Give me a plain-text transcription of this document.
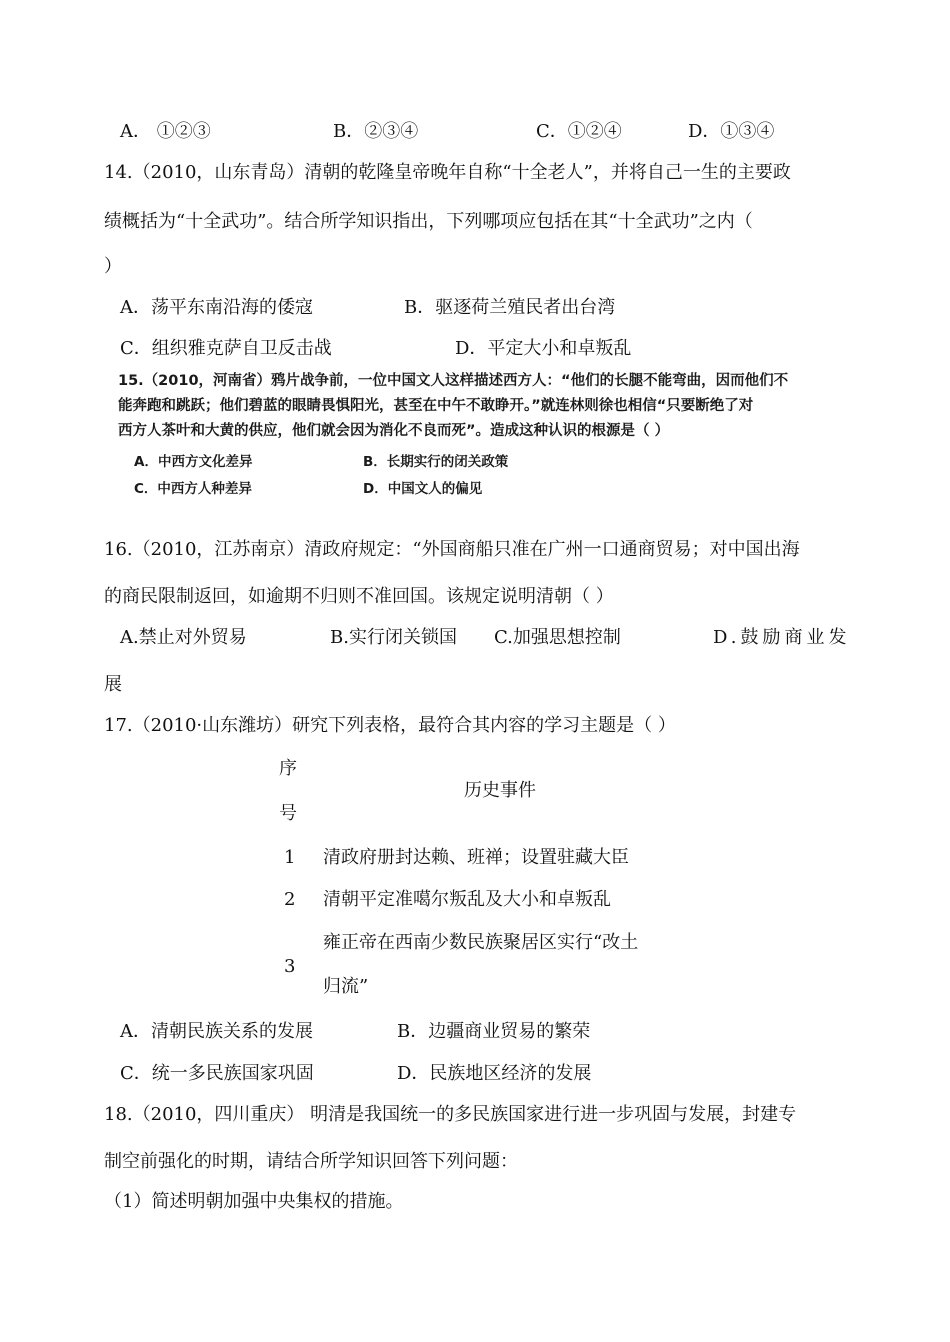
A． ①②③	B．②③④	C．①②④	D．①③④
14.（2010，山东青岛）清朝的乾隆皇帝晚年自称“十全老人”，并将自己一生的主要政
绩概括为“十全武功”。结合所学知识指出，下列哪项应包括在其“十全武功”之内（
）
A．荡平东南沿海的倭寇	B．驱逐荷兰殖民者出台湾
C．组织雅克萨自卫反击战	D．平定大小和卓叛乱
15.（2010，河南省）鸦片战争前，一位中国文人这样描述西方人：“他们的长腿不能弯曲，因而他们不
能奔跑和跳跃；他们碧蓝的眼睛畏惧阳光，甚至在中午不敢睁开。”就连林则徐也相信“只要断绝了对
西方人茶叶和大黄的供应，他们就会因为消化不良而死”。造成这种认识的根源是（ ）
A．中西方文化差异	B．长期实行的闭关政策
C．中西方人种差异	D．中国文人的偏见
16.（2010，江苏南京）清政府规定：“外国商船只准在广州一口通商贸易；对中国出海
的商民限制返回，如逾期不归则不准回国。该规定说明清朝（ ）
A.禁止对外贸易	B.实行闭关锁国 C.加强思想控制	D.鼓励商业发
展
17.（2010·山东潍坊）研究下列表格，最符合其内容的学习主题是（ ）
序
号
历史事件
1 清政府册封达赖、班禅；设置驻藏大臣
2 清朝平定准噶尔叛乱及大小和卓叛乱
3
雍正帝在西南少数民族聚居区实行“改土
归流”
A．清朝民族关系的发展	B．边疆商业贸易的繁荣
C．统一多民族国家巩固	D．民族地区经济的发展
18.（2010，四川重庆） 明清是我国统一的多民族国家进行进一步巩固与发展，封建专
制空前强化的时期，请结合所学知识回答下列问题：
（1）简述明朝加强中央集权的措施。
